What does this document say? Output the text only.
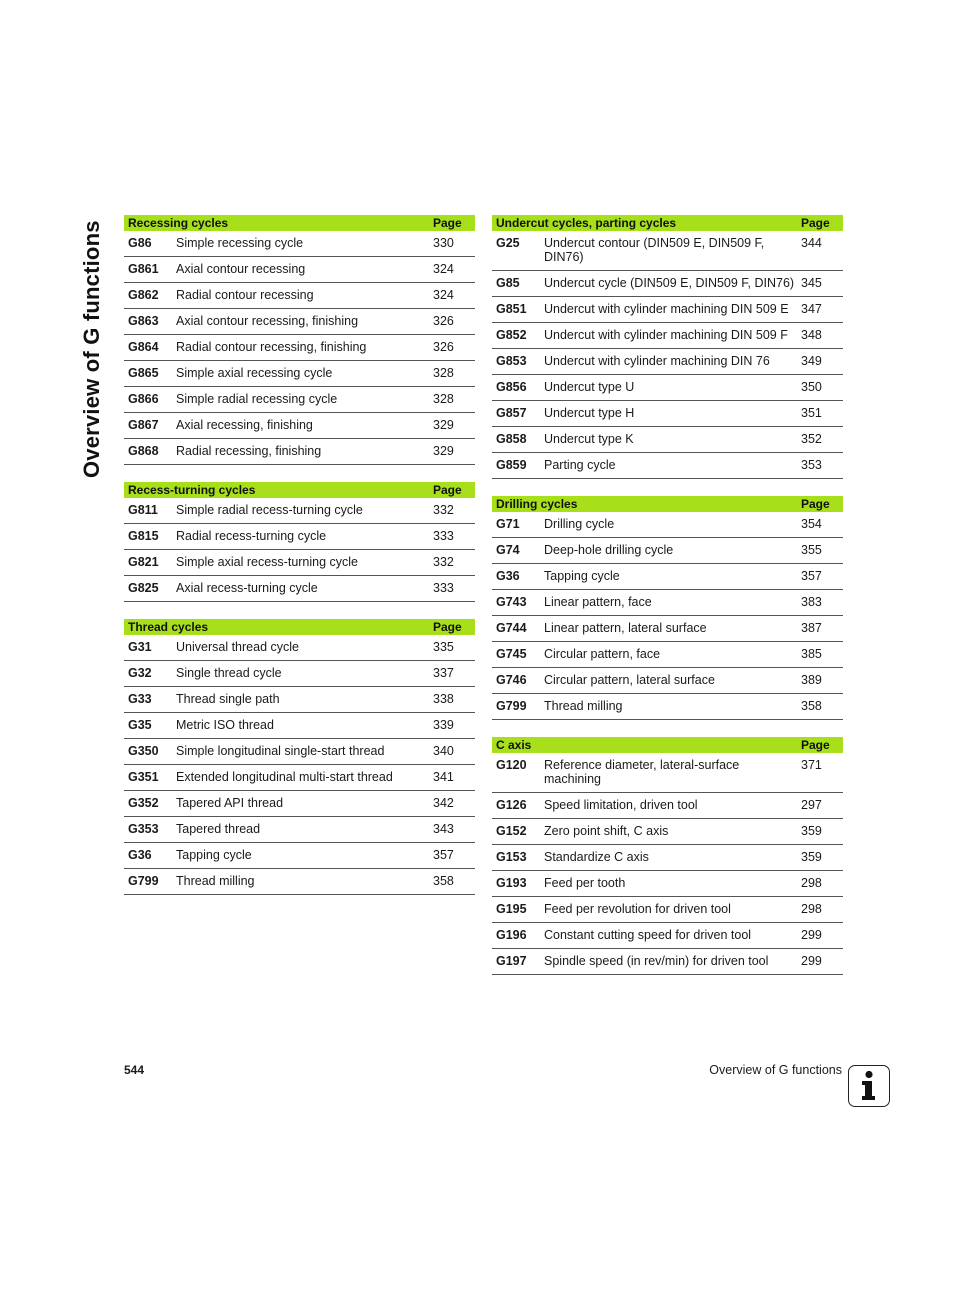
Overview of G functions	Recessing cycles		Page
G86	Simple recessing cycle	330
G861	Axial contour recessing	324
G862	Radial contour recessing	324
G863	Axial contour recessing, finishing	326
G864	Radial contour recessing, finishing	326
G865	Simple axial recessing cycle	328
G866	Simple radial recessing cycle	328
G867	Axial recessing, finishing	329
G868	Radial recessing, finishing	329
Recess-turning cycles		Page
G811	Simple radial recess-turning cycle	332
G815	Radial recess-turning cycle	333
G821	Simple axial recess-turning cycle	332
G825	Axial recess-turning cycle	333
Thread cycles		Page
G31	Universal thread cycle	335
G32	Single thread cycle	337
G33	Thread single path	338
G35	Metric ISO thread	339
G350	Simple longitudinal single-start thread	340
G351	Extended longitudinal multi-start thread	341
G352	Tapered API thread	342
G353	Tapered thread	343
G36	Tapping cycle	357
G799	Thread milling	358
Undercut cycles, parting cycles		Page
G25	Undercut contour (DIN509 E, DIN509 F, DIN76)	344
G85	Undercut cycle (DIN509 E, DIN509 F, DIN76)	345
G851	Undercut with cylinder machining DIN 509 E	347
G852	Undercut with cylinder machining DIN 509 F	348
G853	Undercut with cylinder machining DIN 76	349
G856	Undercut type U	350
G857	Undercut type H	351
G858	Undercut type K	352
G859	Parting cycle	353
Drilling cycles		Page
G71	Drilling cycle	354
G74	Deep-hole drilling cycle	355
G36	Tapping cycle	357
G743	Linear pattern, face	383
G744	Linear pattern, lateral surface	387
G745	Circular pattern, face	385
G746	Circular pattern, lateral surface	389
G799	Thread milling	358
C axis		Page
G120	Reference diameter, lateral-surface machining	371
G126	Speed limitation, driven tool	297
G152	Zero point shift, C axis	359
G153	Standardize C axis	359
G193	Feed per tooth	298
G195	Feed per revolution for driven tool	298
G196	Constant cutting speed for driven tool	299
G197	Spindle speed (in rev/min) for driven tool	299
544	Overview of G functions
